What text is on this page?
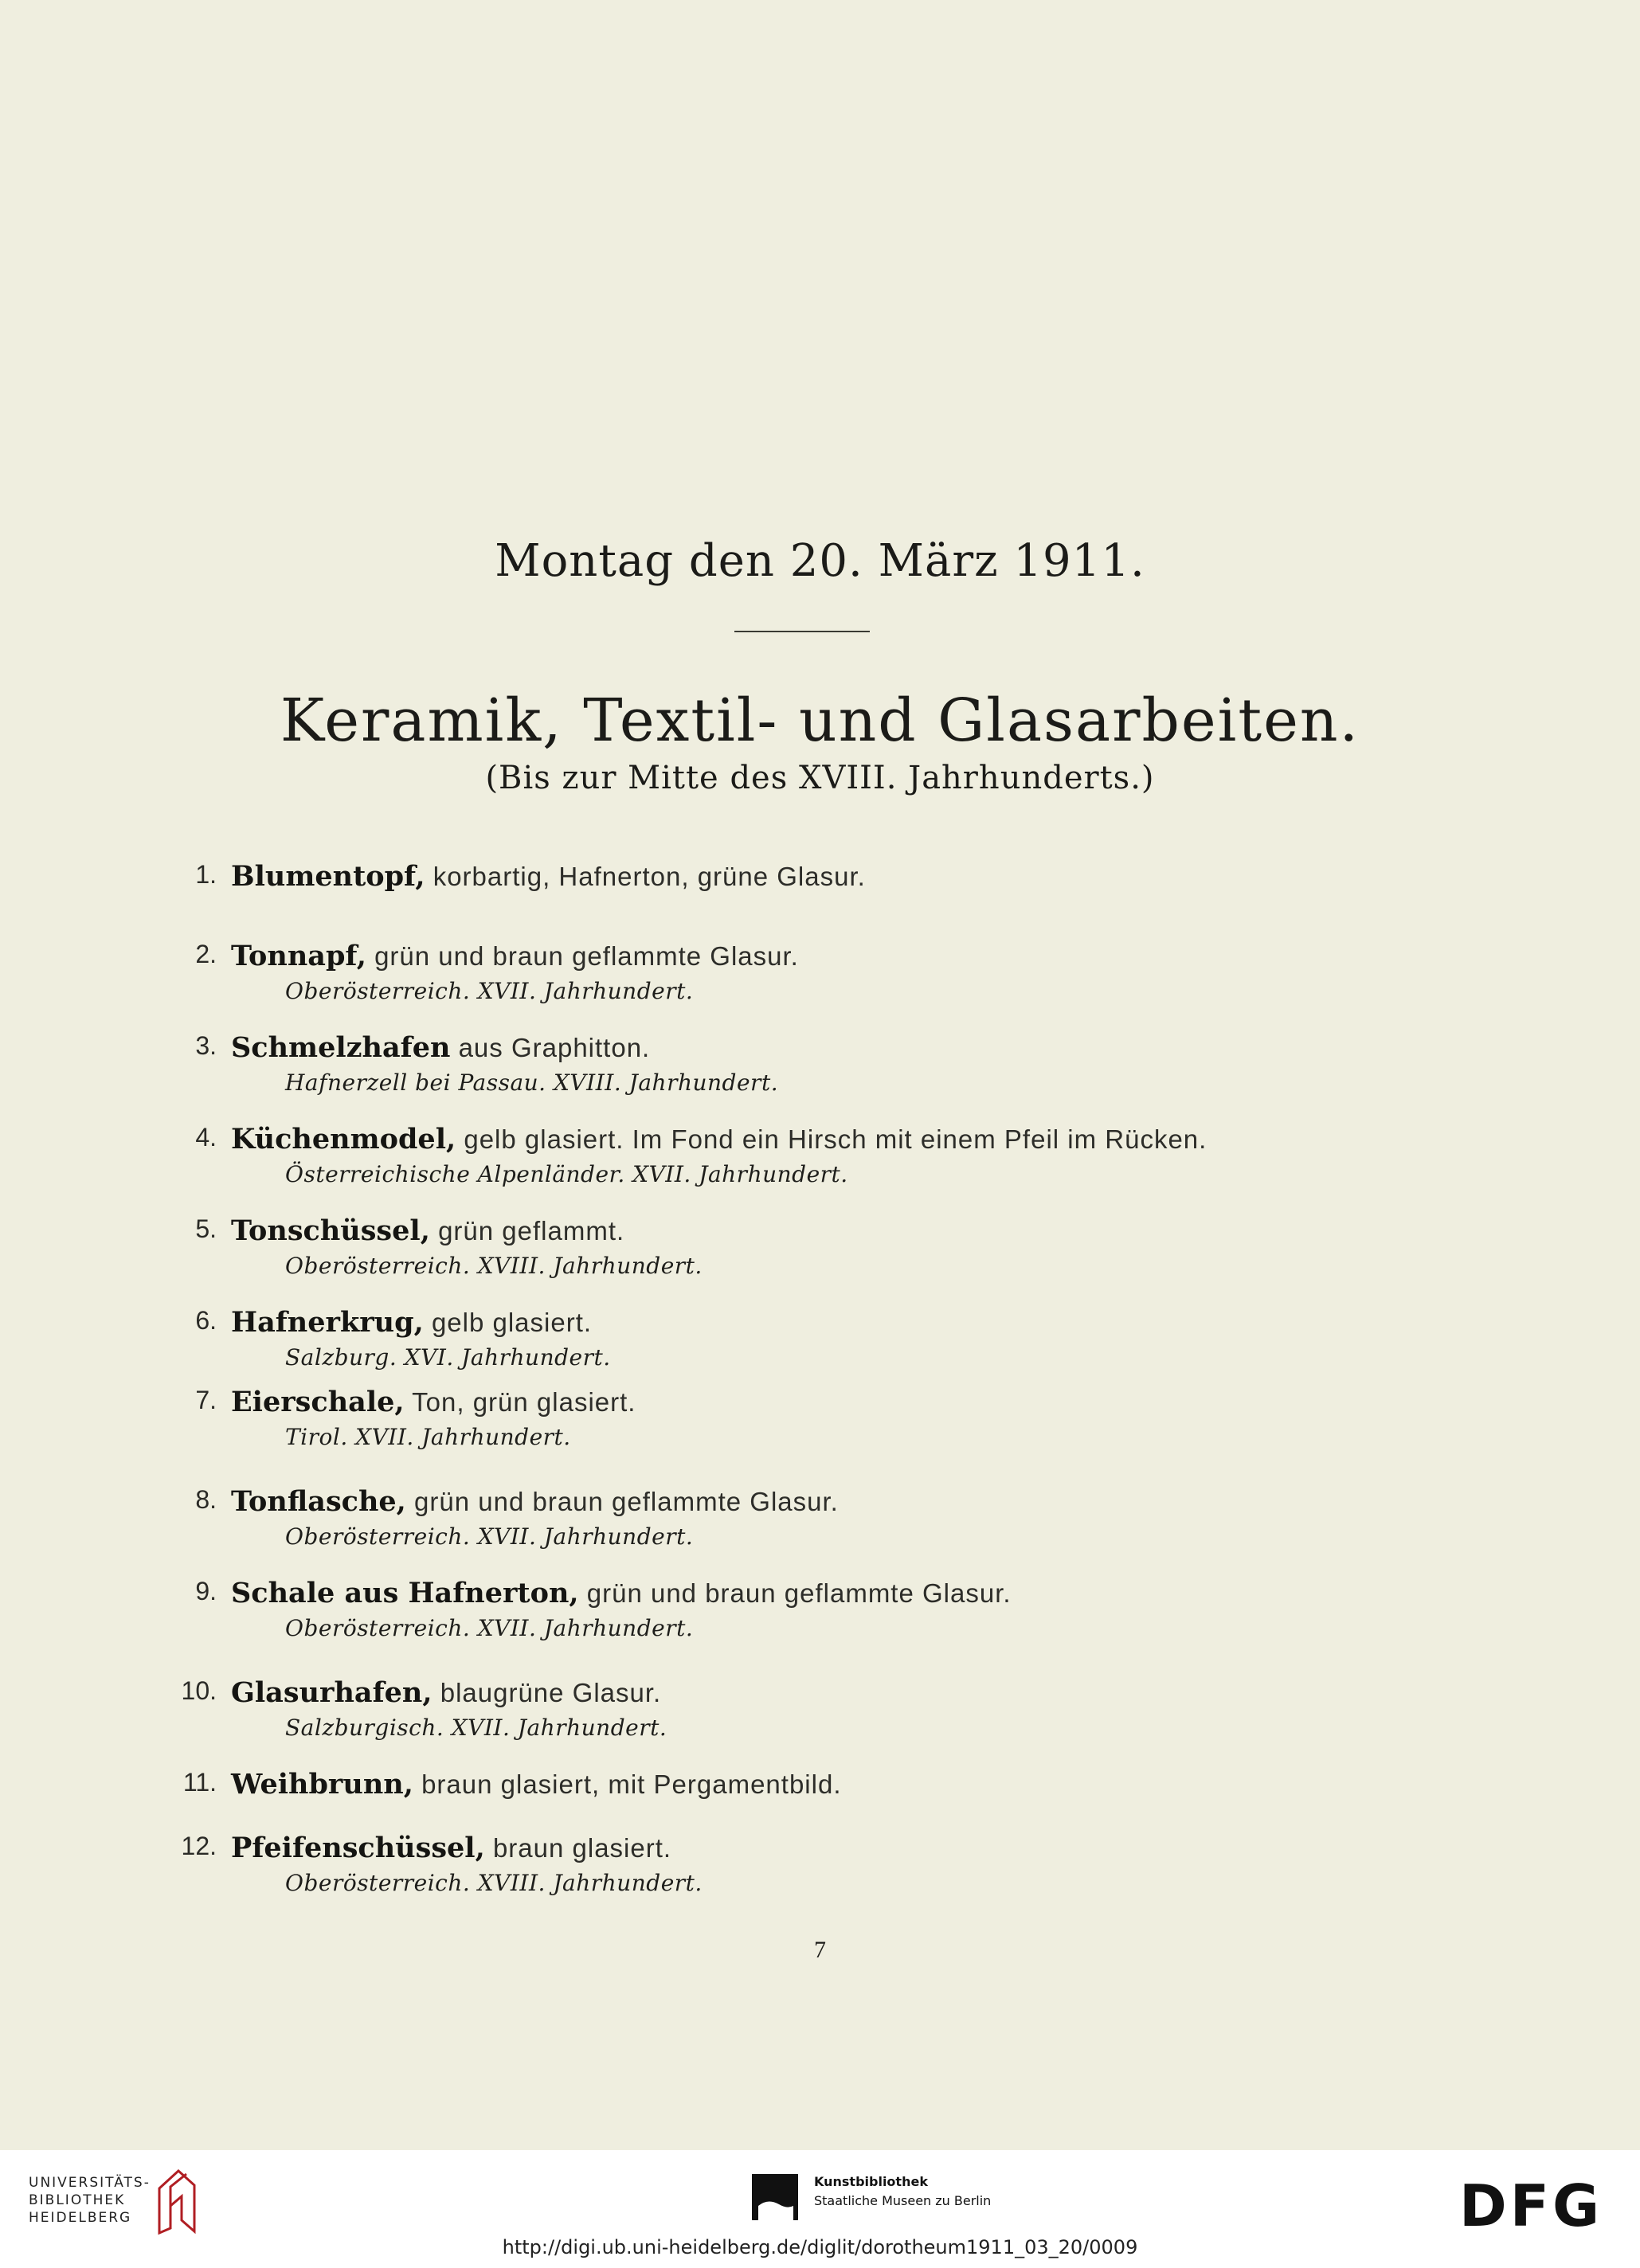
Montag den 20. März 1911.
Keramik, Textil- und Glasarbeiten.
(Bis zur Mitte des XVIII. Jahrhunderts.)
1. Blumentopf, korbartig, Hafnerton, grüne Glasur.
2. Tonnapf, grün und braun geflammte Glasur.
Oberösterreich. XVII. Jahrhundert.
3. Schmelzhafen aus Graphitton.
Hafnerzell bei Passau. XVIII. Jahrhundert.
4. Küchenmodel, gelb glasiert. Im Fond ein Hirsch mit einem Pfeil im Rücken.
Österreichische Alpenländer. XVII. Jahrhundert.
5. Tonschüssel, grün geflammt.
Oberösterreich. XVIII. Jahrhundert.
6. Hafnerkrug, gelb glasiert.
Salzburg. XVI. Jahrhundert.
7. Eierschale, Ton, grün glasiert.
Tirol. XVII. Jahrhundert.
8. Tonflasche, grün und braun geflammte Glasur.
Oberösterreich. XVII. Jahrhundert.
9. Schale aus Hafnerton, grün und braun geflammte Glasur.
Oberösterreich. XVII. Jahrhundert.
10. Glasurhafen, blaugrüne Glasur.
Salzburgisch. XVII. Jahrhundert.
11. Weihbrunn, braun glasiert, mit Pergamentbild.
12. Pfeifenschüssel, braun glasiert.
Oberösterreich. XVIII. Jahrhundert.
7
UNIVERSITÄTS-
BIBLIOTHEK
HEIDELBERG
Kunstbibliothek
Staatliche Museen zu Berlin	DFG
http://digi.ub.uni-heidelberg.de/diglit/dorotheum1911_03_20/0009
